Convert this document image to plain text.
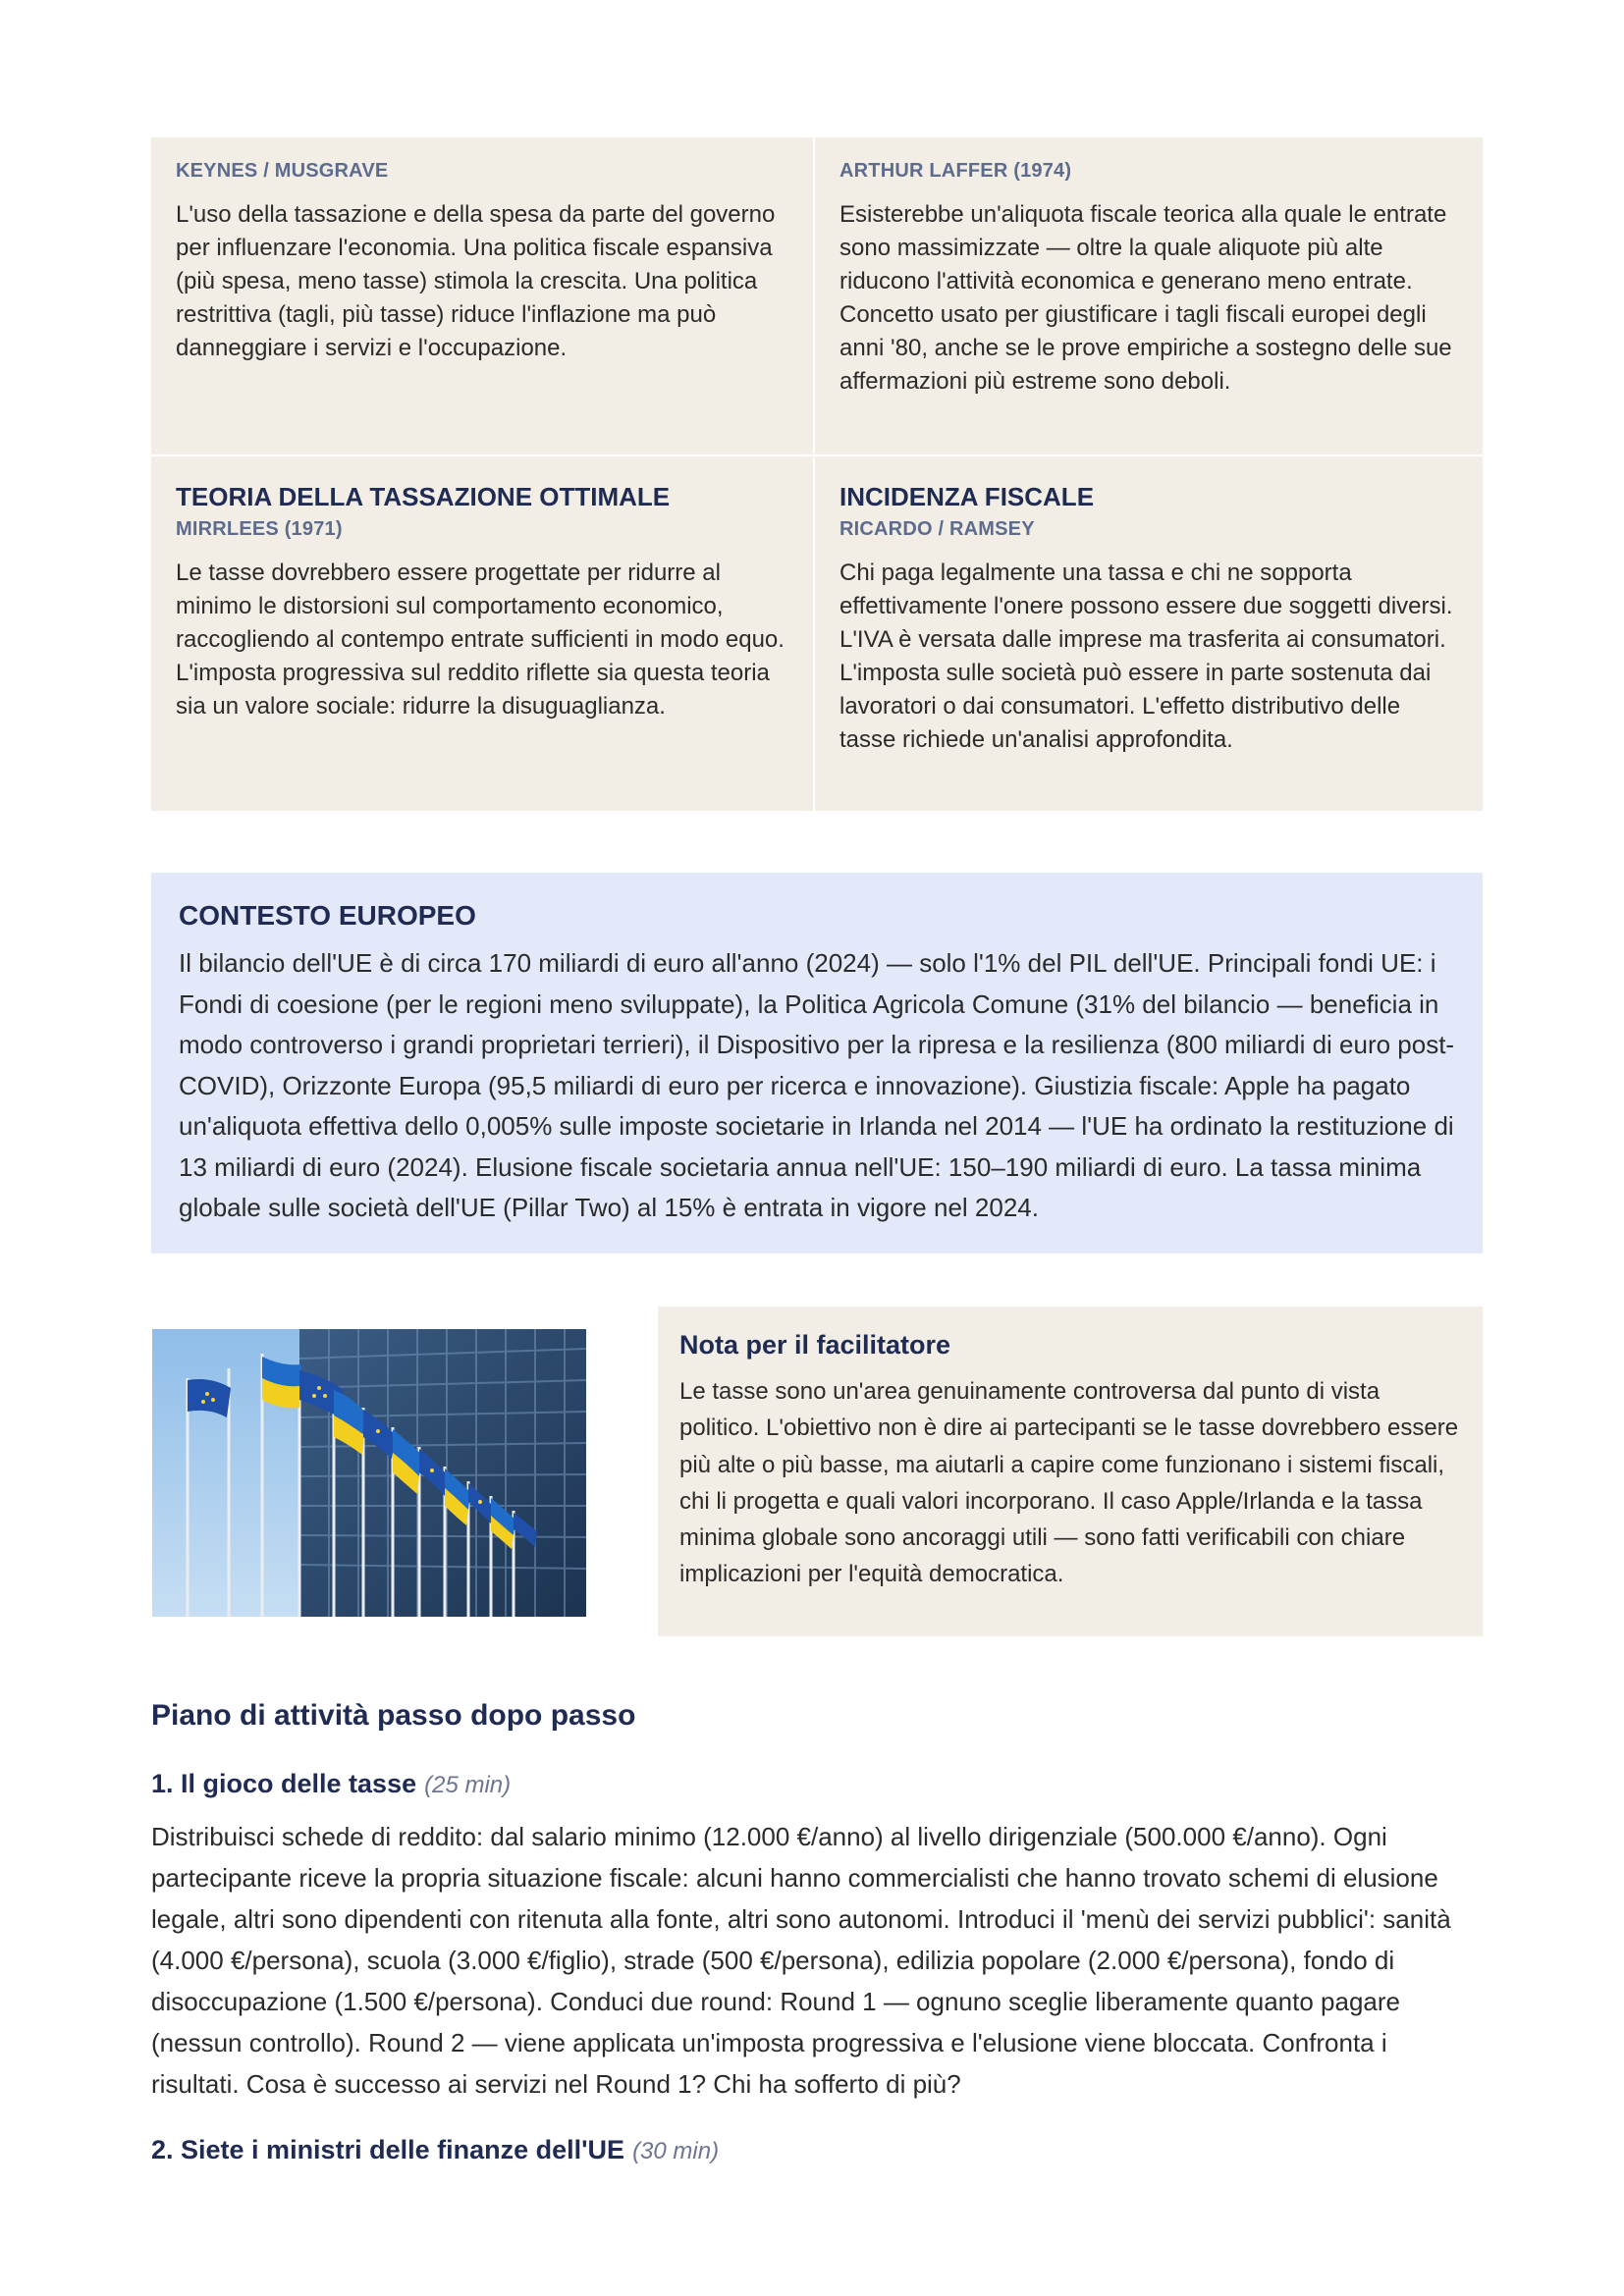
KEYNES / MUSGRAVE

L'uso della tassazione e della spesa da parte del governo per influenzare l'economia. Una politica fiscale espansiva (più spesa, meno tasse) stimola la crescita. Una politica restrittiva (tagli, più tasse) riduce l'inflazione ma può danneggiare i servizi e l'occupazione.

ARTHUR LAFFER (1974)

Esisterebbe un'aliquota fiscale teorica alla quale le entrate sono massimizzate — oltre la quale aliquote più alte riducono l'attività economica e generano meno entrate. Concetto usato per giustificare i tagli fiscali europei degli anni '80, anche se le prove empiriche a sostegno delle sue affermazioni più estreme sono deboli.

TEORIA DELLA TASSAZIONE OTTIMALE

MIRRLEES (1971)

Le tasse dovrebbero essere progettate per ridurre al minimo le distorsioni sul comportamento economico, raccogliendo al contempo entrate sufficienti in modo equo. L'imposta progressiva sul reddito riflette sia questa teoria sia un valore sociale: ridurre la disuguaglianza.

INCIDENZA FISCALE

RICARDO / RAMSEY

Chi paga legalmente una tassa e chi ne sopporta effettivamente l'onere possono essere due soggetti diversi. L'IVA è versata dalle imprese ma trasferita ai consumatori. L'imposta sulle società può essere in parte sostenuta dai lavoratori o dai consumatori. L'effetto distributivo delle tasse richiede un'analisi approfondita.

CONTESTO EUROPEO

Il bilancio dell'UE è di circa 170 miliardi di euro all'anno (2024) — solo l'1% del PIL dell'UE. Principali fondi UE: i Fondi di coesione (per le regioni meno sviluppate), la Politica Agricola Comune (31% del bilancio — beneficia in modo controverso i grandi proprietari terrieri), il Dispositivo per la ripresa e la resilienza (800 miliardi di euro post-COVID), Orizzonte Europa (95,5 miliardi di euro per ricerca e innovazione). Giustizia fiscale: Apple ha pagato un'aliquota effettiva dello 0,005% sulle imposte societarie in Irlanda nel 2014 — l'UE ha ordinato la restituzione di 13 miliardi di euro (2024). Elusione fiscale societaria annua nell'UE: 150–190 miliardi di euro. La tassa minima globale sulle società dell'UE (Pillar Two) al 15% è entrata in vigore nel 2024.

Nota per il facilitatore

Le tasse sono un'area genuinamente controversa dal punto di vista politico. L'obiettivo non è dire ai partecipanti se le tasse dovrebbero essere più alte o più basse, ma aiutarli a capire come funzionano i sistemi fiscali, chi li progetta e quali valori incorporano. Il caso Apple/Irlanda e la tassa minima globale sono ancoraggi utili — sono fatti verificabili con chiare implicazioni per l'equità democratica.

Piano di attività passo dopo passo

1. Il gioco delle tasse (25 min)

Distribuisci schede di reddito: dal salario minimo (12.000 €/anno) al livello dirigenziale (500.000 €/anno). Ogni partecipante riceve la propria situazione fiscale: alcuni hanno commercialisti che hanno trovato schemi di elusione legale, altri sono dipendenti con ritenuta alla fonte, altri sono autonomi. Introduci il 'menù dei servizi pubblici': sanità (4.000 €/persona), scuola (3.000 €/figlio), strade (500 €/persona), edilizia popolare (2.000 €/persona), fondo di disoccupazione (1.500 €/persona). Conduci due round: Round 1 — ognuno sceglie liberamente quanto pagare (nessun controllo). Round 2 — viene applicata un'imposta progressiva e l'elusione viene bloccata. Confronta i risultati. Cosa è successo ai servizi nel Round 1? Chi ha sofferto di più?

2. Siete i ministri delle finanze dell'UE (30 min)
